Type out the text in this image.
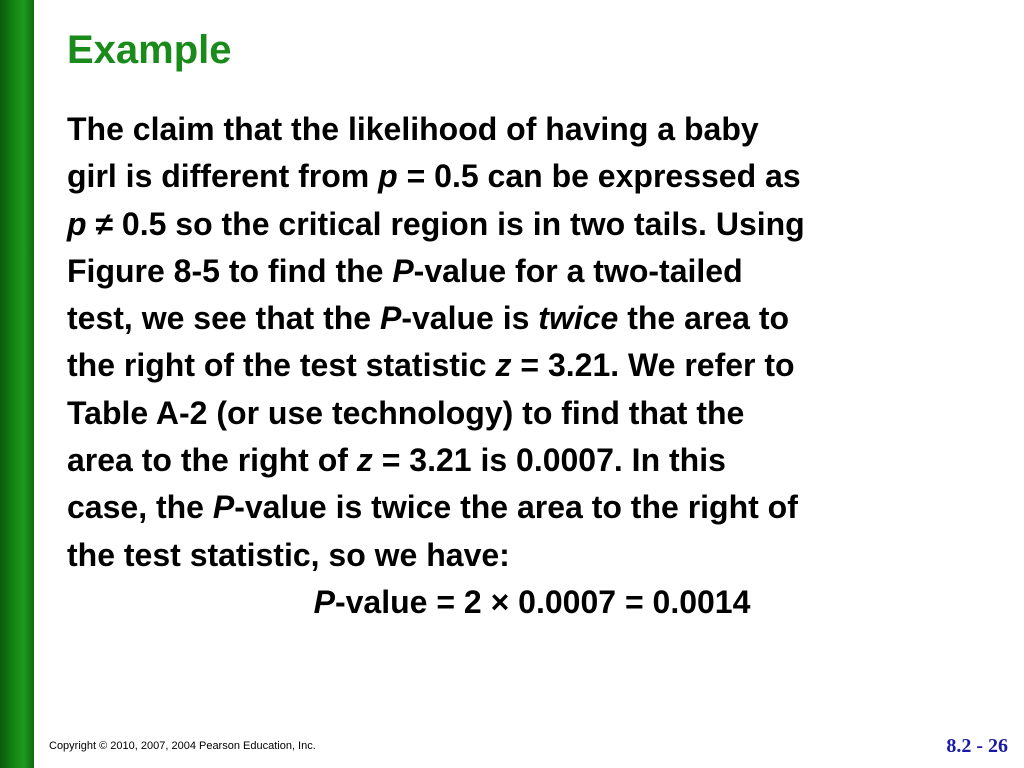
Example
The claim that the likelihood of having a baby
girl is different from p = 0.5 can be expressed as
p ≠ 0.5 so the critical region is in two tails. Using
Figure 8-5 to find the P-value for a two-tailed
test, we see that the P-value is twice the area to
the right of the test statistic z = 3.21. We refer to
Table A-2 (or use technology) to find that the
area to the right of z = 3.21 is 0.0007. In this
case, the P-value is twice the area to the right of
the test statistic, so we have:
P-value = 2 × 0.0007 = 0.0014
Copyright © 2010, 2007, 2004 Pearson Education, Inc.	8.2 - 26
